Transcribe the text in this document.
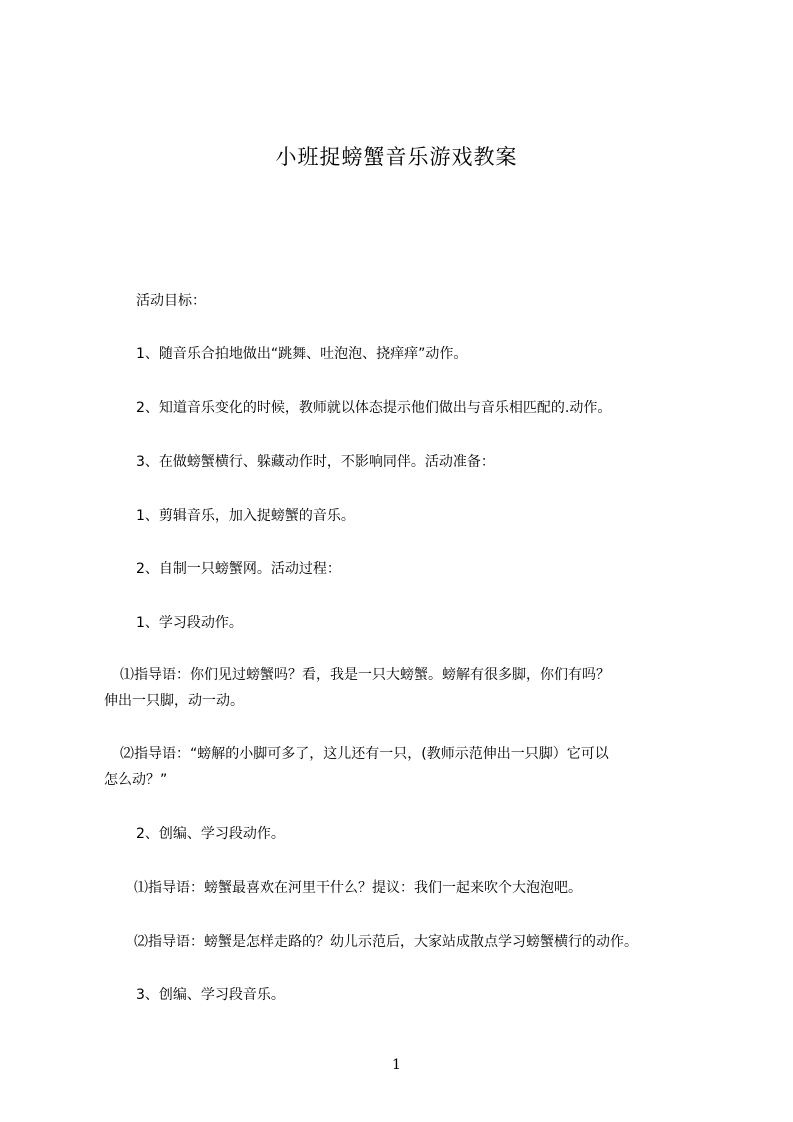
小班捉螃蟹音乐游戏教案
活动目标：
1、随音乐合拍地做出“跳舞、吐泡泡、挠痒痒”动作。
2、知道音乐变化的时候，教师就以体态提示他们做出与音乐相匹配的.动作。
3、在做螃蟹横行、躲藏动作时，不影响同伴。活动准备：
1、剪辑音乐，加入捉螃蟹的音乐。
2、自制一只螃蟹网。活动过程：
1、学习段动作。
⑴指导语：你们见过螃蟹吗？看，我是一只大螃蟹。螃解有很多脚，你们有吗？
伸出一只脚，动一动。
⑵指导语：“螃解的小脚可多了，这儿还有一只，(教师示范伸出一只脚）它可以
怎么动？”
2、创编、学习段动作。
⑴指导语：螃蟹最喜欢在河里干什么？提议：我们一起来吹个大泡泡吧。
⑵指导语：螃蟹是怎样走路的？幼儿示范后，大家站成散点学习螃蟹横行的动作。
3、创编、学习段音乐。
1
